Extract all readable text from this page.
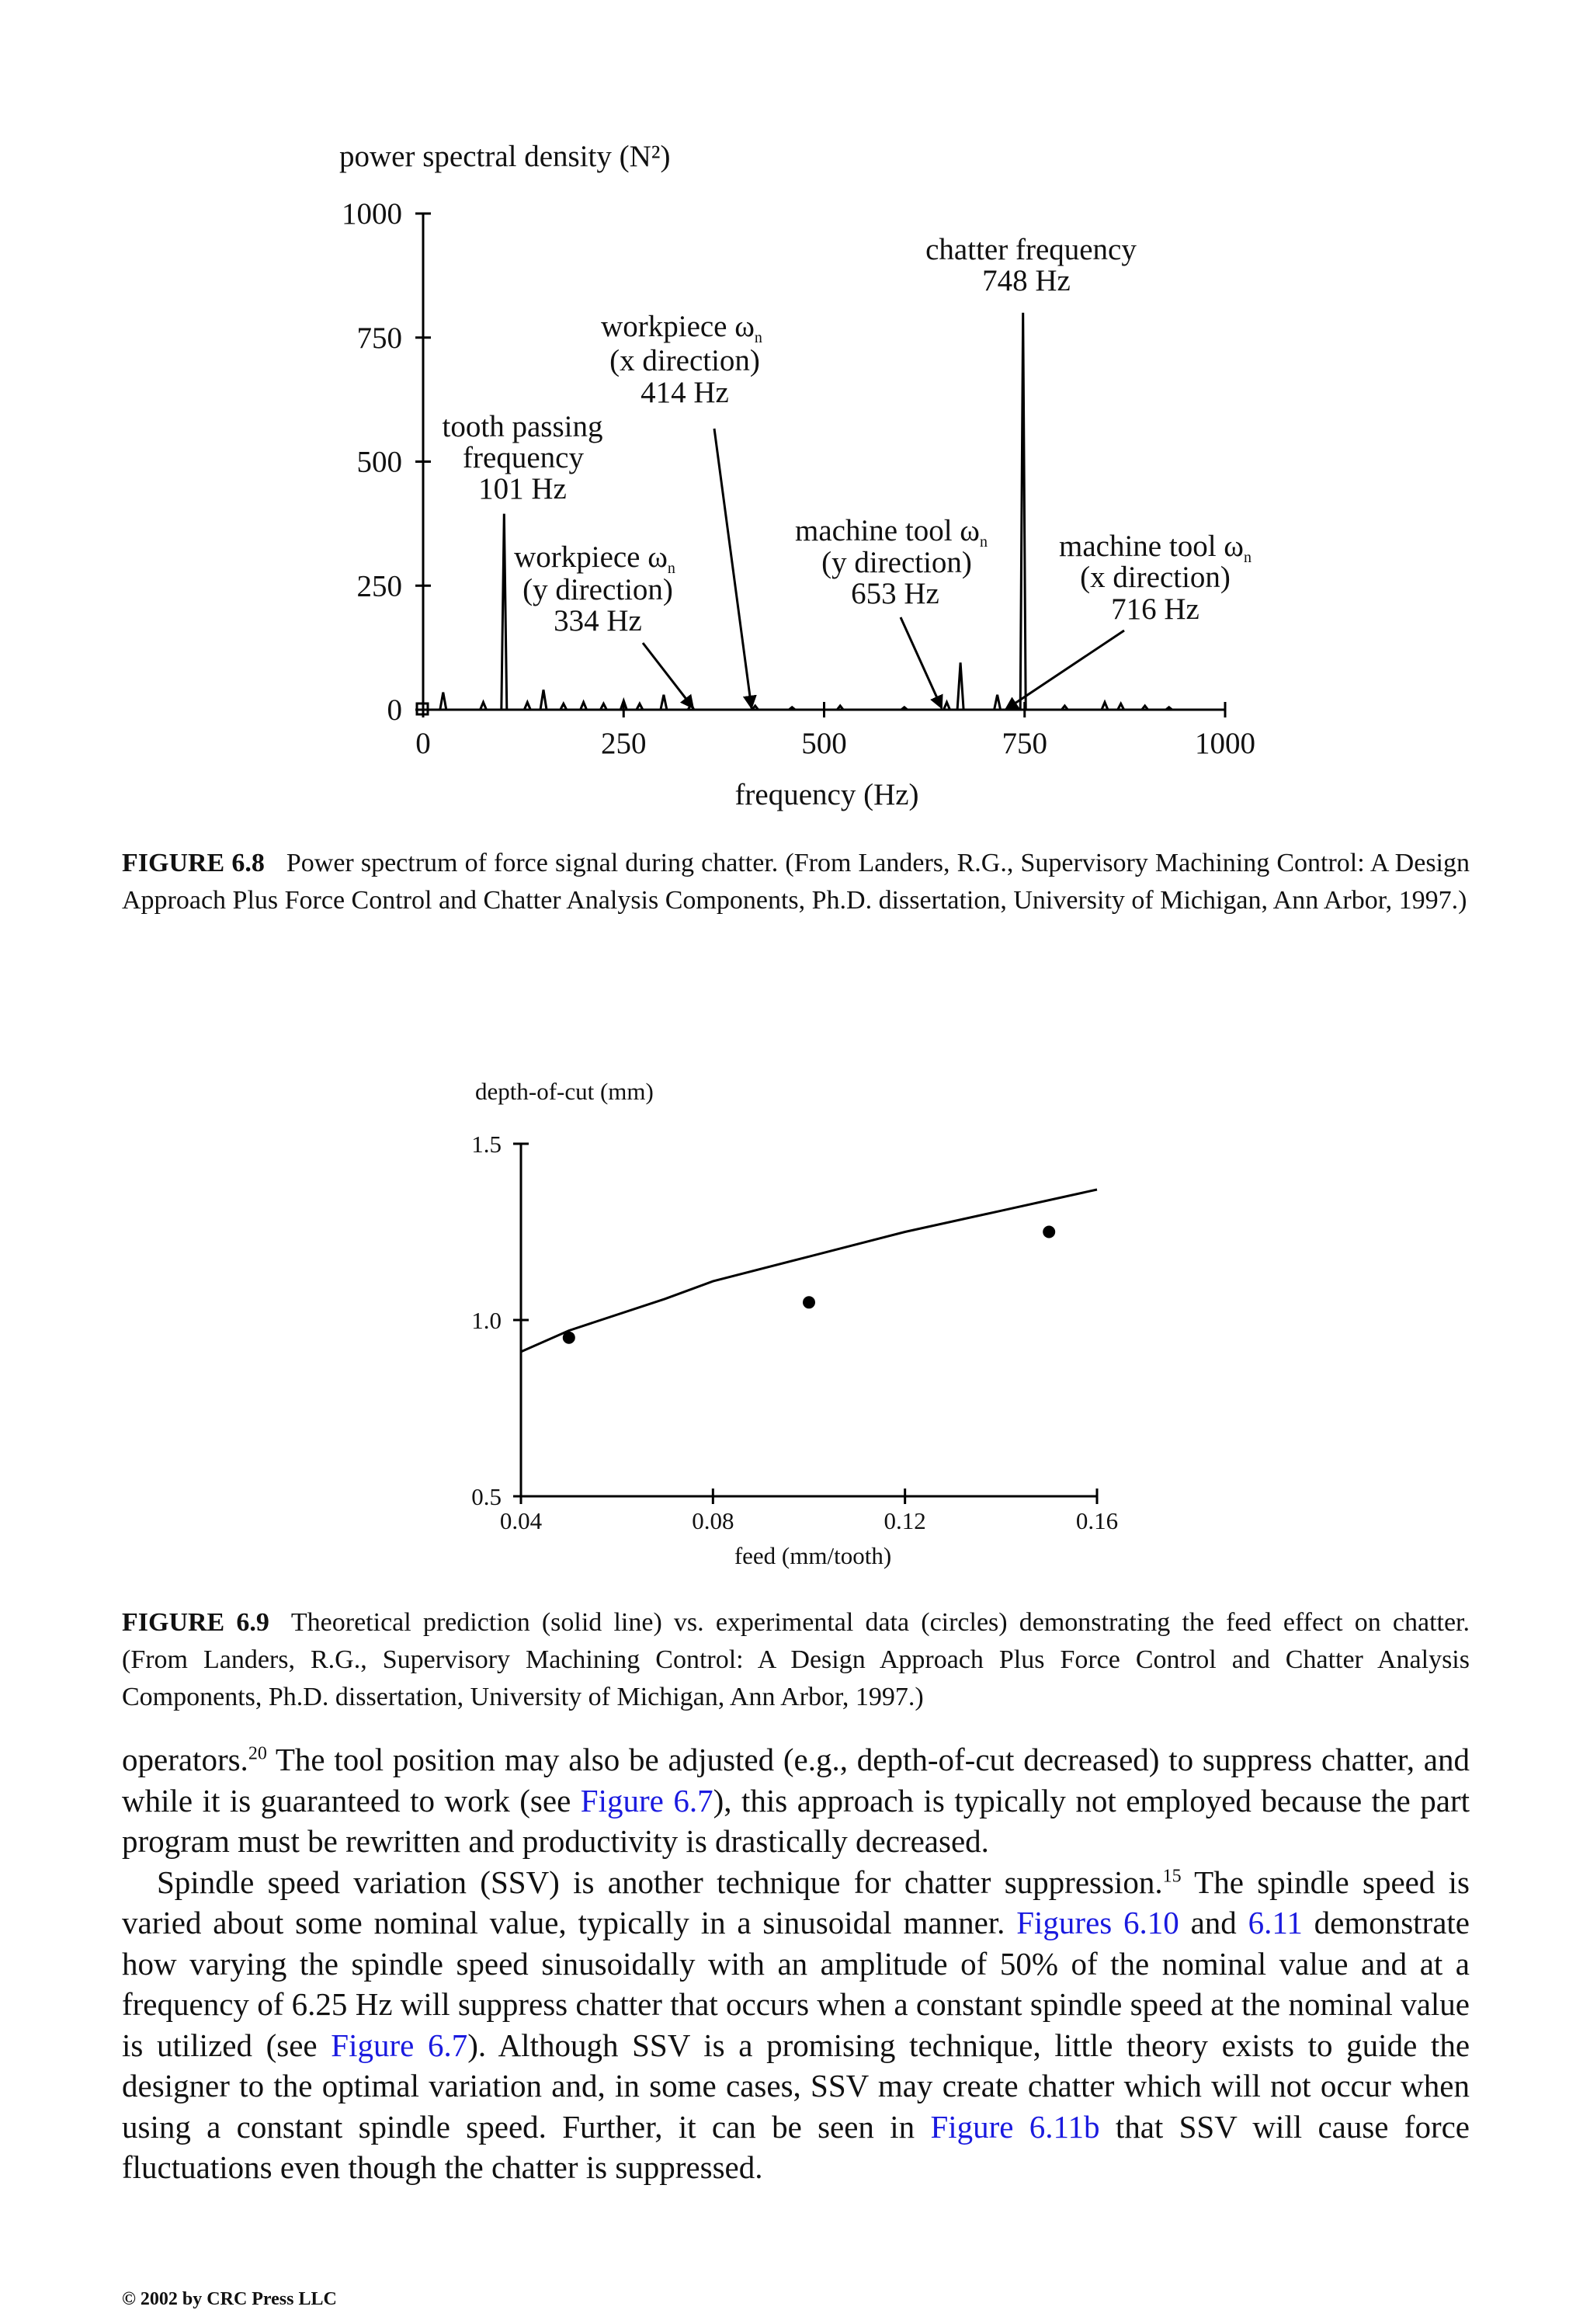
power spectral density (N²)
0
250
500
750
1000
0	250	500	750	1000
frequency (Hz)
chatter frequency
748 Hz
workpiece $\omega_n$
(x direction)
414 Hz
tooth passing
frequency
101 Hz
workpiece $\omega_n$
(y direction)
334 Hz
machine tool $\omega_n$
(y direction)
653 Hz
machine tool $\omega_n$
(x direction)
716 Hz
FIGURE 6.8 Power spectrum of force signal during chatter. (From Landers, R.G., Supervisory Machining Control: A Design Approach Plus Force Control and Chatter Analysis Components, Ph.D. dissertation, University of Michigan, Ann Arbor, 1997.)
depth-of-cut (mm)
0.5
1.0
1.5
0.04	0.08	0.12	0.16
feed (mm/tooth)
FIGURE 6.9 Theoretical prediction (solid line) vs. experimental data (circles) demonstrating the feed effect on chatter. (From Landers, R.G., Supervisory Machining Control: A Design Approach Plus Force Control and Chatter Analysis Components, Ph.D. dissertation, University of Michigan, Ann Arbor, 1997.)

operators.$^{20}$ The tool position may also be adjusted (e.g., depth-of-cut decreased) to suppress chatter, and while it is guaranteed to work (see Figure 6.7), this approach is typically not employed because the part program must be rewritten and productivity is drastically decreased.

Spindle speed variation (SSV) is another technique for chatter suppression.$^{15}$ The spindle speed is varied about some nominal value, typically in a sinusoidal manner. Figures 6.10 and 6.11 demonstrate how varying the spindle speed sinusoidally with an amplitude of 50% of the nominal value and at a frequency of 6.25 Hz will suppress chatter that occurs when a constant spindle speed at the nominal value is utilized (see Figure 6.7). Although SSV is a promising technique, little theory exists to guide the designer to the optimal variation and, in some cases, SSV may create chatter which will not occur when using a constant spindle speed. Further, it can be seen in Figure 6.11b that SSV will cause force fluctuations even though the chatter is suppressed.

© 2002 by CRC Press LLC
